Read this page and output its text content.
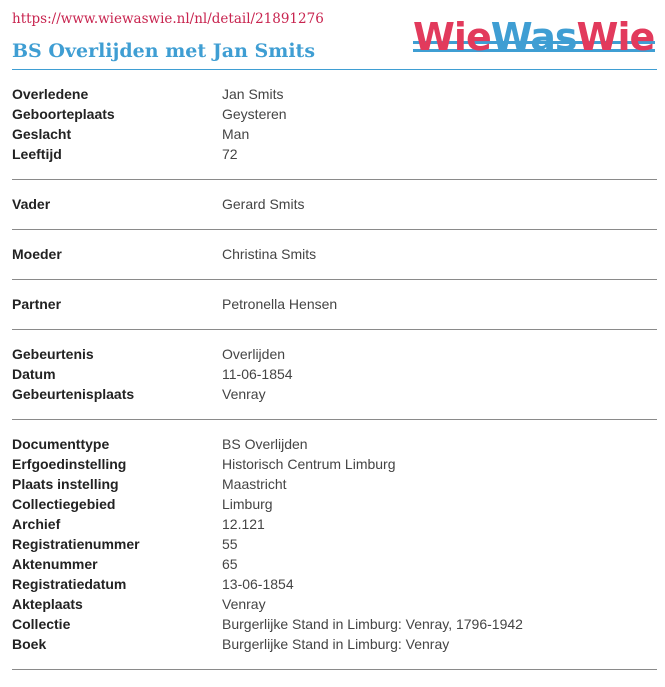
https://www.wiewaswie.nl/nl/detail/21891276
BS Overlijden met Jan Smits	WieWasWie
Overledene	Jan Smits
Geboorteplaats	Geysteren
Geslacht	Man
Leeftijd	72
Vader	Gerard Smits
Moeder	Christina Smits
Partner	Petronella Hensen
Gebeurtenis	Overlijden
Datum	11-06-1854
Gebeurtenisplaats	Venray
Documenttype	BS Overlijden
Erfgoedinstelling	Historisch Centrum Limburg
Plaats instelling	Maastricht
Collectiegebied	Limburg
Archief	12.121
Registratienummer	55
Aktenummer	65
Registratiedatum	13-06-1854
Akteplaats	Venray
Collectie	Burgerlijke Stand in Limburg: Venray, 1796-1942
Boek	Burgerlijke Stand in Limburg: Venray
